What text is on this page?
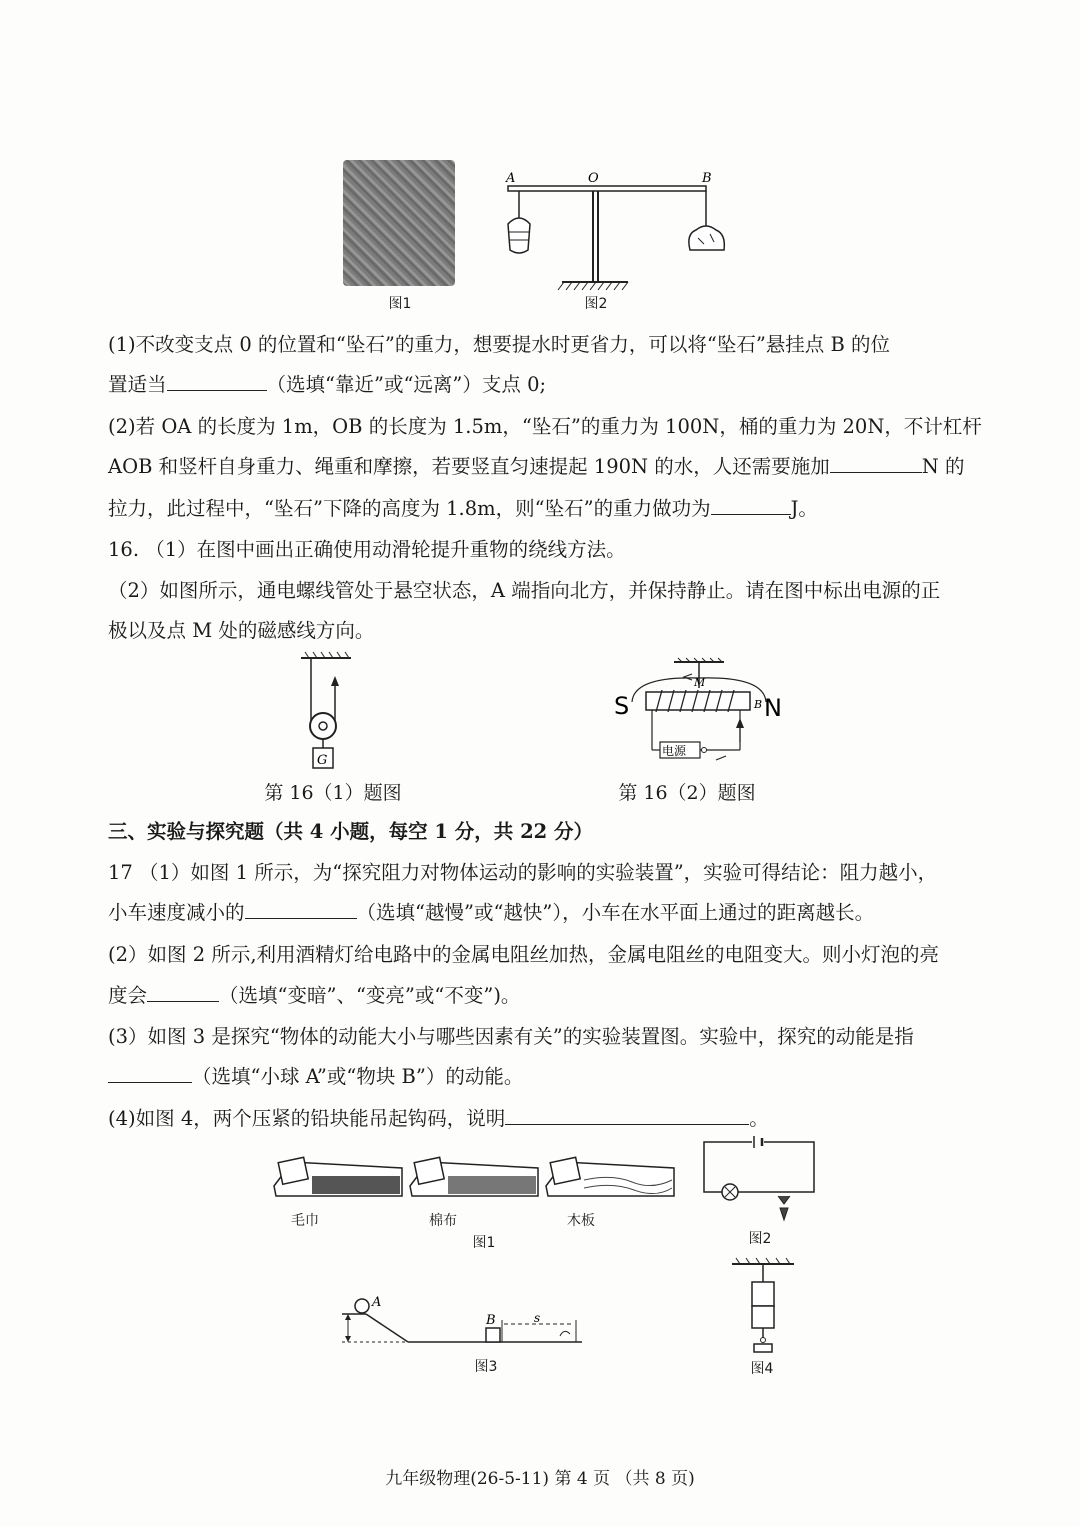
图1
A	O	B
图2
(1)不改变支点 0 的位置和“坠石”的重力，想要提水时更省力，可以将“坠石”悬挂点 B 的位
置适当	（选填“靠近”或“远离”）支点 0;
(2)若 OA 的长度为 1m，OB 的长度为 1.5m，“坠石”的重力为 100N，桶的重力为 20N，不计杠杆
AOB 和竖杆自身重力、绳重和摩擦，若要竖直匀速提起 190N 的水，人还需要施加	N 的
拉力，此过程中，“坠石”下降的高度为 1.8m，则“坠石”的重力做功为	J。
16. （1）在图中画出正确使用动滑轮提升重物的绕线方法。
（2）如图所示，通电螺线管处于悬空状态，A 端指向北方，并保持静止。请在图中标出电源的正
极以及点 M 处的磁感线方向。
G
第 16（1）题图
电源
M
B
S	N
第 16（2）题图
三、实验与探究题（共 4 小题，每空 1 分，共 22 分）
17 （1）如图 1 所示，为“探究阻力对物体运动的影响的实验装置”，实验可得结论：阻力越小，
小车速度减小的	（选填“越慢”或“越快”），小车在水平面上通过的距离越长。
(2）如图 2 所示,利用酒精灯给电路中的金属电阻丝加热，金属电阻丝的电阻变大。则小灯泡的亮
度会	（选填“变暗”、“变亮”或“不变”)。
(3）如图 3 是探究“物体的动能大小与哪些因素有关”的实验装置图。实验中，探究的动能是指
（选填“小球 A”或“物块 B”）的动能。
(4)如图 4，两个压紧的铅块能吊起钩码，说明	。
毛巾	棉布	木板
图1	图2
A
B	s
图3	图4
九年级物理(26-5-11) 第 4 页 （共 8 页)
